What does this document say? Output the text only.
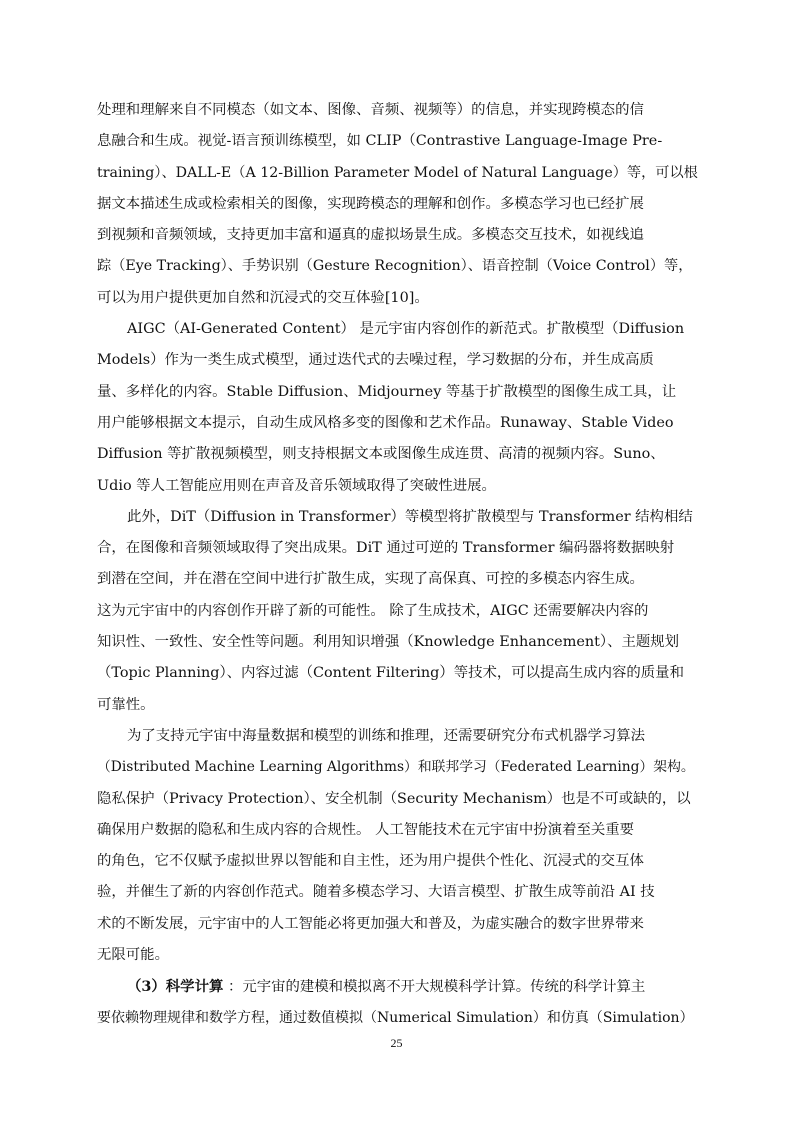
处理和理解来自不同模态（如文本、图像、音频、视频等）的信息，并实现跨模态的信
息融合和生成。视觉-语言预训练模型，如 CLIP（Contrastive Language-Image Pre-
training）、DALL-E（A 12-Billion Parameter Model of Natural Language）等，可以根
据文本描述生成或检索相关的图像，实现跨模态的理解和创作。多模态学习也已经扩展
到视频和音频领域，支持更加丰富和逼真的虚拟场景生成。多模态交互技术，如视线追
踪（Eye Tracking）、手势识别（Gesture Recognition）、语音控制（Voice Control）等，
可以为用户提供更加自然和沉浸式的交互体验[10]。
AIGC（AI-Generated Content） 是元宇宙内容创作的新范式。扩散模型（Diffusion
Models）作为一类生成式模型，通过迭代式的去噪过程，学习数据的分布，并生成高质
量、多样化的内容。Stable Diffusion、Midjourney 等基于扩散模型的图像生成工具，让
用户能够根据文本提示，自动生成风格多变的图像和艺术作品。Runaway、Stable Video
Diffusion 等扩散视频模型，则支持根据文本或图像生成连贯、高清的视频内容。Suno、
Udio 等人工智能应用则在声音及音乐领域取得了突破性进展。
此外，DiT（Diffusion in Transformer）等模型将扩散模型与 Transformer 结构相结
合，在图像和音频领域取得了突出成果。DiT 通过可逆的 Transformer 编码器将数据映射
到潜在空间，并在潜在空间中进行扩散生成，实现了高保真、可控的多模态内容生成。
这为元宇宙中的内容创作开辟了新的可能性。 除了生成技术，AIGC 还需要解决内容的
知识性、一致性、安全性等问题。利用知识增强（Knowledge Enhancement）、主题规划
（Topic Planning）、内容过滤（Content Filtering）等技术，可以提高生成内容的质量和
可靠性。
为了支持元宇宙中海量数据和模型的训练和推理，还需要研究分布式机器学习算法
（Distributed Machine Learning Algorithms）和联邦学习（Federated Learning）架构。
隐私保护（Privacy Protection）、安全机制（Security Mechanism）也是不可或缺的，以
确保用户数据的隐私和生成内容的合规性。 人工智能技术在元宇宙中扮演着至关重要
的角色，它不仅赋予虚拟世界以智能和自主性，还为用户提供个性化、沉浸式的交互体
验，并催生了新的内容创作范式。随着多模态学习、大语言模型、扩散生成等前沿 AI 技
术的不断发展，元宇宙中的人工智能必将更加强大和普及，为虚实融合的数字世界带来
无限可能。
（3）科学计算 ：元宇宙的建模和模拟离不开大规模科学计算。传统的科学计算主
要依赖物理规律和数学方程，通过数值模拟（Numerical Simulation）和仿真（Simulation）
25
